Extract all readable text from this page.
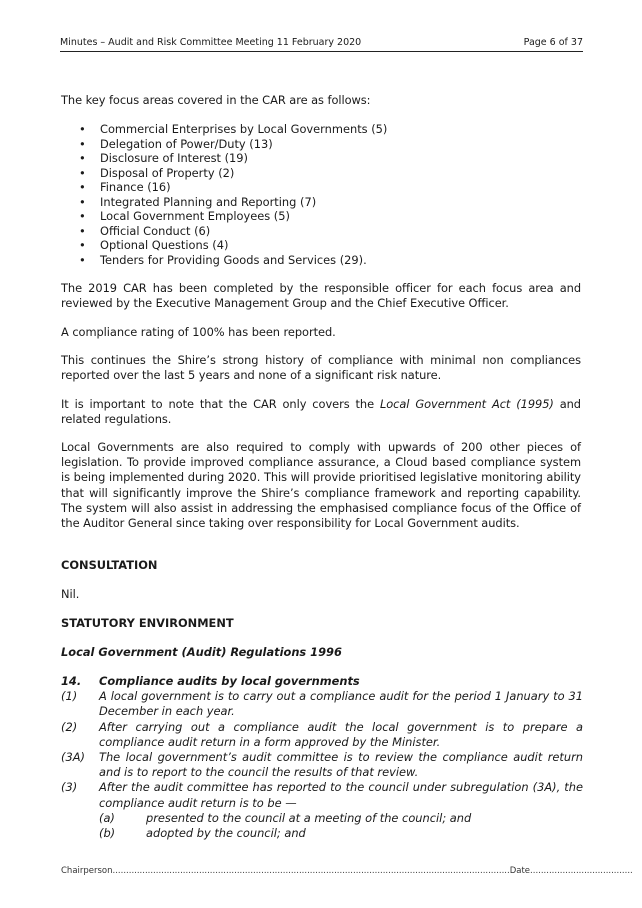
Minutes – Audit and Risk Committee Meeting 11 February 2020	Page 6 of 37
The key focus areas covered in the CAR are as follows:
• Commercial Enterprises by Local Governments (5)
• Delegation of Power/Duty (13)
• Disclosure of Interest (19)
• Disposal of Property (2)
• Finance (16)
• Integrated Planning and Reporting (7)
• Local Government Employees (5)
• Official Conduct (6)
• Optional Questions (4)
• Tenders for Providing Goods and Services (29).
The 2019 CAR has been completed by the responsible officer for each focus area and reviewed by the Executive Management Group and the Chief Executive Officer.
A compliance rating of 100% has been reported.
This continues the Shire’s strong history of compliance with minimal non compliances reported over the last 5 years and none of a significant risk nature.
It is important to note that the CAR only covers the Local Government Act (1995) and related regulations.
Local Governments are also required to comply with upwards of 200 other pieces of legislation. To provide improved compliance assurance, a Cloud based compliance system is being implemented during 2020. This will provide prioritised legislative monitoring ability that will significantly improve the Shire’s compliance framework and reporting capability. The system will also assist in addressing the emphasised compliance focus of the Office of the Auditor General since taking over responsibility for Local Government audits.
CONSULTATION
Nil.
STATUTORY ENVIRONMENT
Local Government (Audit) Regulations 1996
14. Compliance audits by local governments
(1) A local government is to carry out a compliance audit for the period 1 January to 31 December in each year.
(2) After carrying out a compliance audit the local government is to prepare a compliance audit return in a form approved by the Minister.
(3A) The local government’s audit committee is to review the compliance audit return and is to report to the council the results of that review.
(3) After the audit committee has reported to the council under subregulation (3A), the compliance audit return is to be —
(a)	presented to the council at a meeting of the council; and
(b)	adopted by the council; and
Chairperson...................................................................................................................................................Date......................................
